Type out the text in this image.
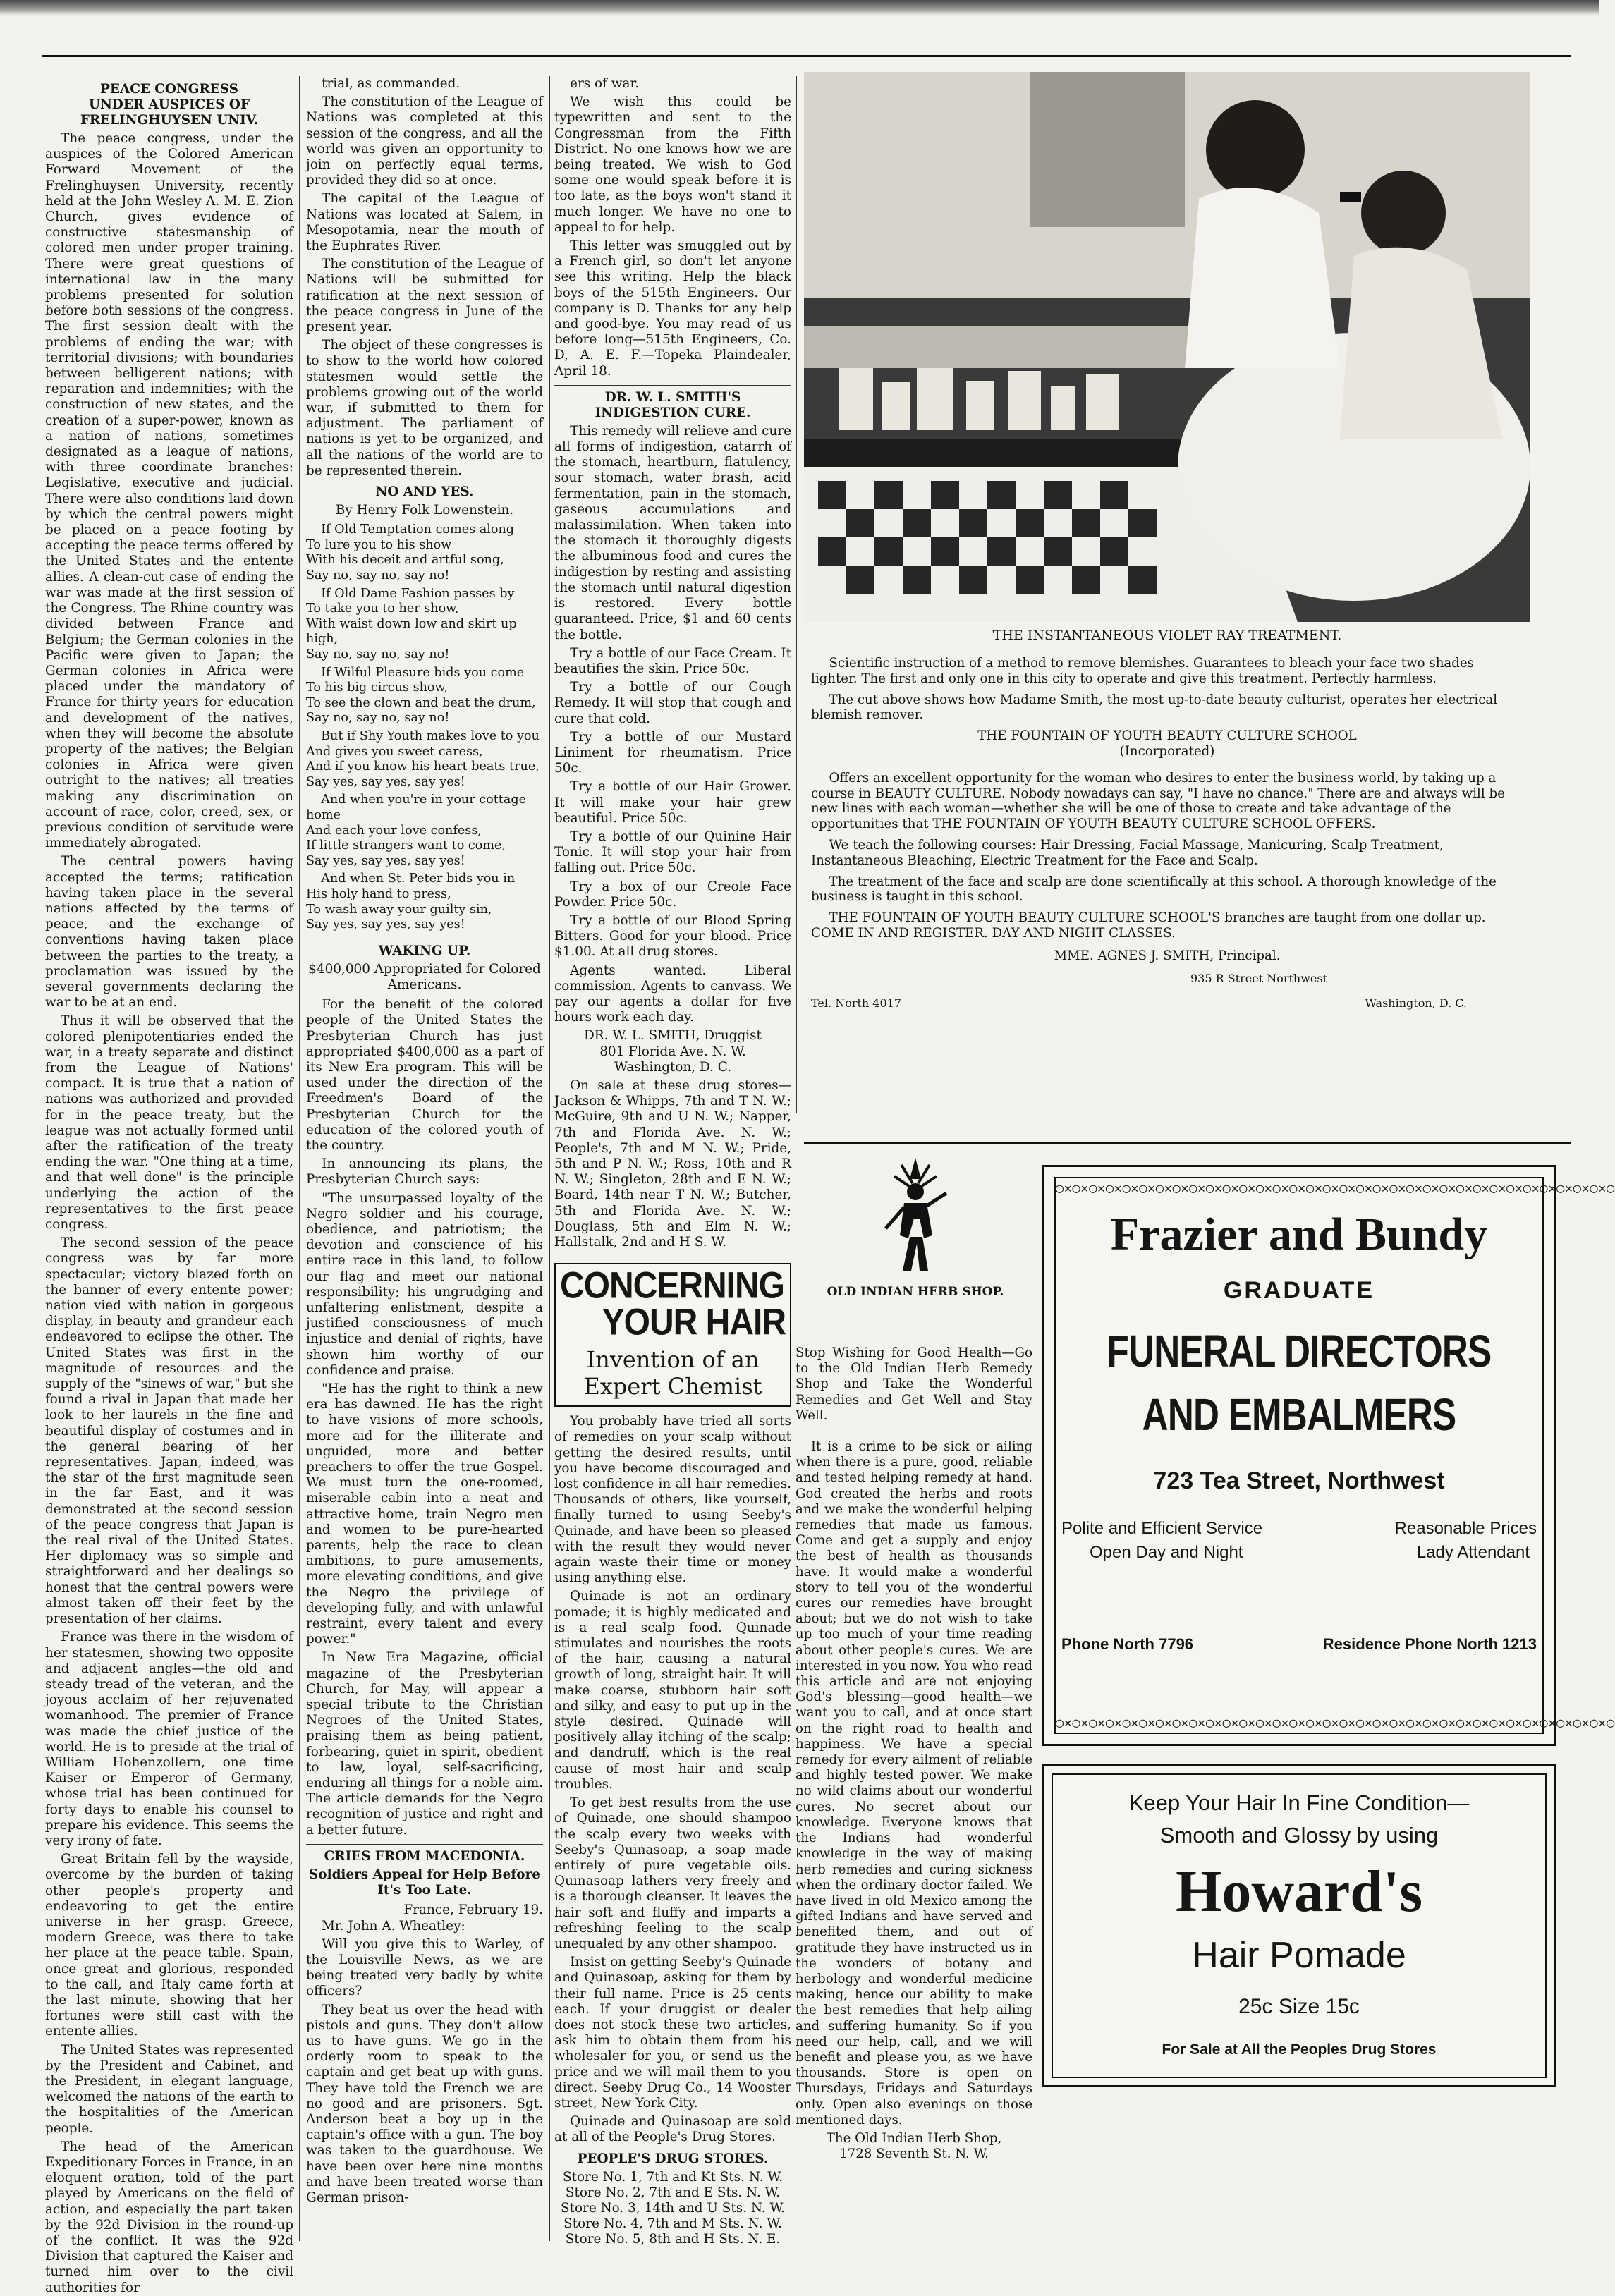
PEACE CONGRESS
UNDER AUSPICES OF FRELINGHUYSEN UNIV.

The peace congress, under the auspices of the Colored American Forward Movement of the Frelinghuysen University, recently held at the John Wesley A. M. E. Zion Church, gives evidence of constructive statesmanship of colored men under proper training. There were great questions of international law in the many problems presented for solution before both sessions of the congress. The first session dealt with the problems of ending the war; with territorial divisions; with boundaries between belligerent nations; with reparation and indemnities; with the construction of new states, and the creation of a super-power, known as a nation of nations, sometimes designated as a league of nations, with three coordinate branches: Legislative, executive and judicial. There were also conditions laid down by which the central powers might be placed on a peace footing by accepting the peace terms offered by the United States and the entente allies. A clean-cut case of ending the war was made at the first session of the Congress. The Rhine country was divided between France and Belgium; the German colonies in the Pacific were given to Japan; the German colonies in Africa were placed under the mandatory of France for thirty years for education and development of the natives, when they will become the absolute property of the natives; the Belgian colonies in Africa were given outright to the natives; all treaties making any discrimination on account of race, color, creed, sex, or previous condition of servitude were immediately abrogated.

The central powers having accepted the terms; ratification having taken place in the several nations affected by the terms of peace, and the exchange of conventions having taken place between the parties to the treaty, a proclamation was issued by the several governments declaring the war to be at an end.

Thus it will be observed that the colored plenipotentiaries ended the war, in a treaty separate and distinct from the League of Nations' compact. It is true that a nation of nations was authorized and provided for in the peace treaty, but the league was not actually formed until after the ratification of the treaty ending the war. "One thing at a time, and that well done" is the principle underlying the action of the representatives to the first peace congress.

The second session of the peace congress was by far more spectacular; victory blazed forth on the banner of every entente power; nation vied with nation in gorgeous display, in beauty and grandeur each endeavored to eclipse the other. The United States was first in the magnitude of resources and the supply of the "sinews of war," but she found a rival in Japan that made her look to her laurels in the fine and beautiful display of costumes and in the general bearing of her representatives. Japan, indeed, was the star of the first magnitude seen in the far East, and it was demonstrated at the second session of the peace congress that Japan is the real rival of the United States. Her diplomacy was so simple and straightforward and her dealings so honest that the central powers were almost taken off their feet by the presentation of her claims.

France was there in the wisdom of her statesmen, showing two opposite and adjacent angles—the old and steady tread of the veteran, and the joyous acclaim of her rejuvenated womanhood. The premier of France was made the chief justice of the world. He is to preside at the trial of William Hohenzollern, one time Kaiser or Emperor of Germany, whose trial has been continued for forty days to enable his counsel to prepare his evidence. This seems the very irony of fate.

Great Britain fell by the wayside, overcome by the burden of taking other people's property and endeavoring to get the entire universe in her grasp. Greece, modern Greece, was there to take her place at the peace table. Spain, once great and glorious, responded to the call, and Italy came forth at the last minute, showing that her fortunes were still cast with the entente allies.

The United States was represented by the President and Cabinet, and the President, in elegant language, welcomed the nations of the earth to the hospitalities of the American people.

The head of the American Expeditionary Forces in France, in an eloquent oration, told of the part played by Americans on the field of action, and especially the part taken by the 92d Division in the round-up of the conflict. It was the 92d Division that captured the Kaiser and turned him over to the civil authorities for

trial, as commanded.

The constitution of the League of Nations was completed at this session of the congress, and all the world was given an opportunity to join on perfectly equal terms, provided they did so at once.

The capital of the League of Nations was located at Salem, in Mesopotamia, near the mouth of the Euphrates River.

The constitution of the League of Nations will be submitted for ratification at the next session of the peace congress in June of the present year.

The object of these congresses is to show to the world how colored statesmen would settle the problems growing out of the world war, if submitted to them for adjustment. The parliament of nations is yet to be organized, and all the nations of the world are to be represented therein.

NO AND YES.
By Henry Folk Lowenstein.

If Old Temptation comes along
To lure you to his show
With his deceit and artful song,
Say no, say no, say no!

If Old Dame Fashion passes by
To take you to her show,
With waist down low and skirt up high,
Say no, say no, say no!

If Wilful Pleasure bids you come
To his big circus show,
To see the clown and beat the drum,
Say no, say no, say no!

But if Shy Youth makes love to you
And gives you sweet caress,
And if you know his heart beats true,
Say yes, say yes, say yes!

And when you're in your cottage home
And each your love confess,
If little strangers want to come,
Say yes, say yes, say yes!

And when St. Peter bids you in
His holy hand to press,
To wash away your guilty sin,
Say yes, say yes, say yes!

WAKING UP.
$400,000 Appropriated for Colored Americans.

For the benefit of the colored people of the United States the Presbyterian Church has just appropriated $400,000 as a part of its New Era program. This will be used under the direction of the Freedmen's Board of the Presbyterian Church for the education of the colored youth of the country.

In announcing its plans, the Presbyterian Church says:

"The unsurpassed loyalty of the Negro soldier and his courage, obedience, and patriotism; the devotion and conscience of his entire race in this land, to follow our flag and meet our national responsibility; his ungrudging and unfaltering enlistment, despite a justified consciousness of much injustice and denial of rights, have shown him worthy of our confidence and praise.

"He has the right to think a new era has dawned. He has the right to have visions of more schools, more aid for the illiterate and unguided, more and better preachers to offer the true Gospel. We must turn the one-roomed, miserable cabin into a neat and attractive home, train Negro men and women to be pure-hearted parents, help the race to clean ambitions, to pure amusements, more elevating conditions, and give the Negro the privilege of developing fully, and with unlawful restraint, every talent and every power."

In New Era Magazine, official magazine of the Presbyterian Church, for May, will appear a special tribute to the Christian Negroes of the United States, praising them as being patient, forbearing, quiet in spirit, obedient to law, loyal, self-sacrificing, enduring all things for a noble aim. The article demands for the Negro recognition of justice and right and a better future.

CRIES FROM MACEDONIA.
Soldiers Appeal for Help Before It's Too Late.
France, February 19.

Mr. John A. Wheatley:

Will you give this to Warley, of the Louisville News, as we are being treated very badly by white officers?

They beat us over the head with pistols and guns. They don't allow us to have guns. We go in the orderly room to speak to the captain and get beat up with guns. They have told the French we are no good and are prisoners. Sgt. Anderson beat a boy up in the captain's office with a gun. The boy was taken to the guardhouse. We have been over here nine months and have been treated worse than German prison-

ers of war.

We wish this could be typewritten and sent to the Congressman from the Fifth District. No one knows how we are being treated. We wish to God some one would speak before it is too late, as the boys won't stand it much longer. We have no one to appeal to for help.

This letter was smuggled out by a French girl, so don't let anyone see this writing. Help the black boys of the 515th Engineers. Our company is D. Thanks for any help and good-bye. You may read of us before long—515th Engineers, Co. D, A. E. F.—Topeka Plaindealer, April 18.

DR. W. L. SMITH'S INDIGESTION CURE.

This remedy will relieve and cure all forms of indigestion, catarrh of the stomach, heartburn, flatulency, sour stomach, water brash, acid fermentation, pain in the stomach, gaseous accumulations and malassimilation. When taken into the stomach it thoroughly digests the albuminous food and cures the indigestion by resting and assisting the stomach until natural digestion is restored. Every bottle guaranteed. Price, $1 and 60 cents the bottle.

Try a bottle of our Face Cream. It beautifies the skin. Price 50c.

Try a bottle of our Cough Remedy. It will stop that cough and cure that cold.

Try a bottle of our Mustard Liniment for rheumatism. Price 50c.

Try a bottle of our Hair Grower. It will make your hair grew beautiful. Price 50c.

Try a bottle of our Quinine Hair Tonic. It will stop your hair from falling out. Price 50c.

Try a box of our Creole Face Powder. Price 50c.

Try a bottle of our Blood Spring Bitters. Good for your blood. Price $1.00. At all drug stores.

Agents wanted. Liberal commission. Agents to canvass. We pay our agents a dollar for five hours work each day.

DR. W. L. SMITH, Druggist
801 Florida Ave. N. W.
Washington, D. C.

On sale at these drug stores—Jackson & Whipps, 7th and T N. W.; McGuire, 9th and U N. W.; Napper, 7th and Florida Ave. N. W.; People's, 7th and M N. W.; Pride, 5th and P N. W.; Ross, 10th and R N. W.; Singleton, 28th and E N. W.; Board, 14th near T N. W.; Butcher, 5th and Florida Ave. N. W.; Douglass, 5th and Elm N. W.; Hallstalk, 2nd and H S. W.

CONCERNING
YOUR HAIR
Invention of an Expert Chemist

You probably have tried all sorts of remedies on your scalp without getting the desired results, until you have become discouraged and lost confidence in all hair remedies. Thousands of others, like yourself, finally turned to using Seeby's Quinade, and have been so pleased with the result they would never again waste their time or money using anything else.

Quinade is not an ordinary pomade; it is highly medicated and is a real scalp food. Quinade stimulates and nourishes the roots of the hair, causing a natural growth of long, straight hair. It will make coarse, stubborn hair soft and silky, and easy to put up in the style desired. Quinade will positively allay itching of the scalp; and dandruff, which is the real cause of most hair and scalp troubles.

To get best results from the use of Quinade, one should shampoo the scalp every two weeks with Seeby's Quinasoap, a soap made entirely of pure vegetable oils. Quinasoap lathers very freely and is a thorough cleanser. It leaves the hair soft and fluffy and imparts a refreshing feeling to the scalp unequaled by any other shampoo.

Insist on getting Seeby's Quinade and Quinasoap, asking for them by their full name. Price is 25 cents each. If your druggist or dealer does not stock these two articles, ask him to obtain them from his wholesaler for you, or send us the price and we will mail them to you direct. Seeby Drug Co., 14 Wooster street, New York City.

Quinade and Quinasoap are sold at all of the People's Drug Stores.

PEOPLE'S DRUG STORES.
Store No. 1, 7th and Kt Sts. N. W.
Store No. 2, 7th and E Sts. N. W.
Store No. 3, 14th and U Sts. N. W.
Store No. 4, 7th and M Sts. N. W.
Store No. 5, 8th and H Sts. N. E.
THE INSTANTANEOUS VIOLET RAY TREATMENT.

Scientific instruction of a method to remove blemishes. Guarantees to bleach your face two shades lighter. The first and only one in this city to operate and give this treatment. Perfectly harmless.

The cut above shows how Madame Smith, the most up-to-date beauty culturist, operates her electrical blemish remover.

THE FOUNTAIN OF YOUTH BEAUTY CULTURE SCHOOL
(Incorporated)

Offers an excellent opportunity for the woman who desires to enter the business world, by taking up a course in BEAUTY CULTURE. Nobody nowadays can say, "I have no chance." There are and always will be new lines with each woman—whether she will be one of those to create and take advantage of the opportunities that THE FOUNTAIN OF YOUTH BEAUTY CULTURE SCHOOL OFFERS.

We teach the following courses: Hair Dressing, Facial Massage, Manicuring, Scalp Treatment, Instantaneous Bleaching, Electric Treatment for the Face and Scalp.

The treatment of the face and scalp are done scientifically at this school. A thorough knowledge of the business is taught in this school.

THE FOUNTAIN OF YOUTH BEAUTY CULTURE SCHOOL'S branches are taught from one dollar up. COME IN AND REGISTER. DAY AND NIGHT CLASSES.

MME. AGNES J. SMITH, Principal.
935 R Street Northwest
Tel. North 4017	Washington, D. C.
OLD INDIAN HERB SHOP.

Stop Wishing for Good Health—Go to the Old Indian Herb Remedy Shop and Take the Wonderful Remedies and Get Well and Stay Well.

It is a crime to be sick or ailing when there is a pure, good, reliable and tested helping remedy at hand. God created the herbs and roots and we make the wonderful helping remedies that made us famous. Come and get a supply and enjoy the best of health as thousands have. It would make a wonderful story to tell you of the wonderful cures our remedies have brought about; but we do not wish to take up too much of your time reading about other people's cures. We are interested in you now. You who read this article and are not enjoying God's blessing—good health—we want you to call, and at once start on the right road to health and happiness. We have a special remedy for every ailment of reliable and highly tested power. We make no wild claims about our wonderful cures. No secret about our knowledge. Everyone knows that the Indians had wonderful knowledge in the way of making herb remedies and curing sickness when the ordinary doctor failed. We have lived in old Mexico among the gifted Indians and have served and benefited them, and out of gratitude they have instructed us in the wonders of botany and herbology and wonderful medicine making, hence our ability to make the best remedies that help ailing and suffering humanity. So if you need our help, call, and we will benefit and please you, as we have thousands. Store is open on Thursdays, Fridays and Saturdays only. Open also evenings on those mentioned days.

The Old Indian Herb Shop,
1728 Seventh St. N. W.
◯✕◯✕◯✕◯✕◯✕◯✕◯✕◯✕◯✕◯✕◯✕◯✕◯✕◯✕◯✕◯✕◯✕◯✕◯✕◯✕◯✕◯✕◯✕◯✕◯✕◯✕◯✕◯✕◯✕◯✕◯✕◯✕◯✕◯
Frazier and Bundy
GRADUATE
FUNERAL DIRECTORS
AND EMBALMERS
723 Tea Street, Northwest
Polite and Efficient Service
Open Day and Night
Reasonable Prices
Lady Attendant
Phone North 7796	Residence Phone North 1213
◯✕◯✕◯✕◯✕◯✕◯✕◯✕◯✕◯✕◯✕◯✕◯✕◯✕◯✕◯✕◯✕◯✕◯✕◯✕◯✕◯✕◯✕◯✕◯✕◯✕◯✕◯✕◯✕◯✕◯✕◯✕◯✕◯✕◯
Keep Your Hair In Fine Condition—
Smooth and Glossy by using
Howard's
Hair Pomade
25c Size 15c
For Sale at All the Peoples Drug Stores
